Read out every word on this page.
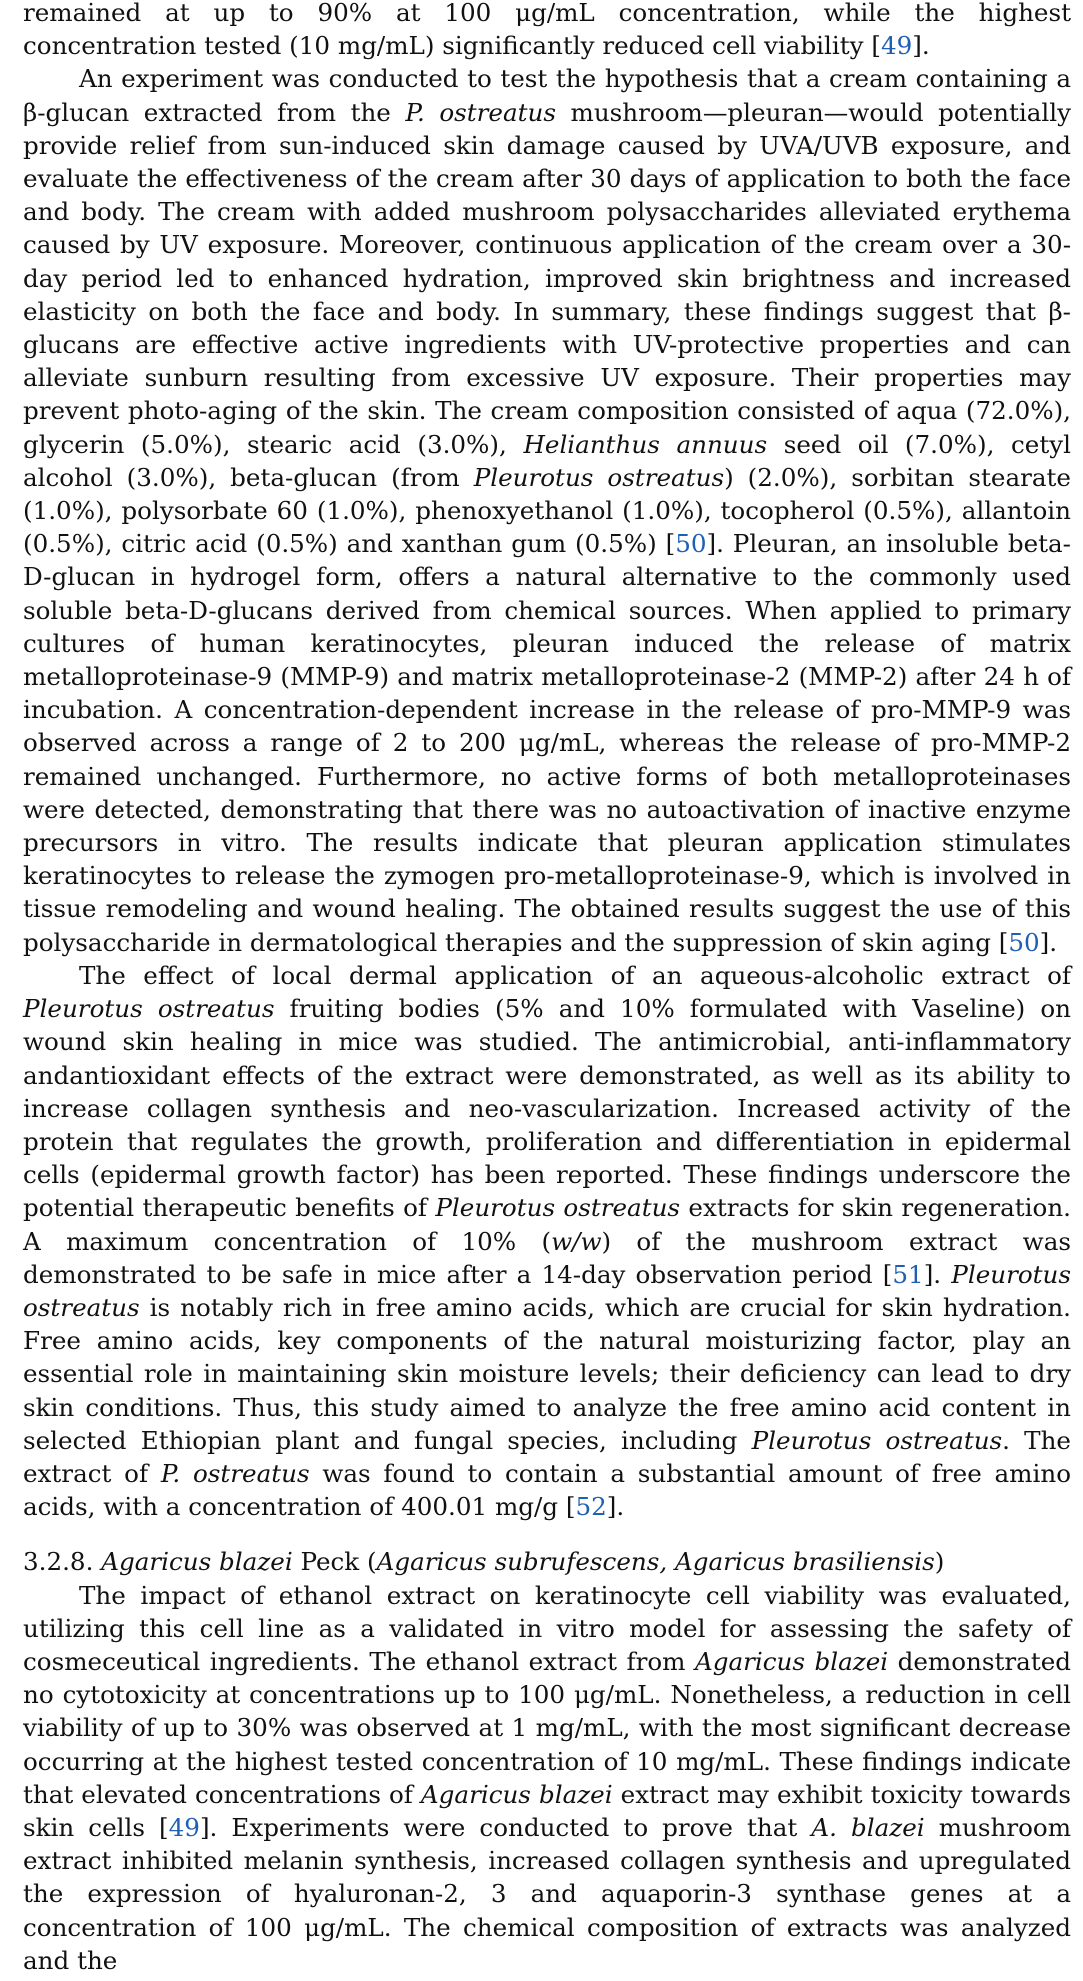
remained at up to 90% at 100 μg/mL concentration, while the highest concentration tested (10 mg/mL) significantly reduced cell viability [49].

An experiment was conducted to test the hypothesis that a cream containing a β-glucan extracted from the P. ostreatus mushroom—pleuran—would potentially provide relief from sun-induced skin damage caused by UVA/UVB exposure, and evaluate the effectiveness of the cream after 30 days of application to both the face and body. The cream with added mushroom polysaccharides alleviated erythema caused by UV exposure. Moreover, continuous application of the cream over a 30-day period led to enhanced hydration, improved skin brightness and increased elasticity on both the face and body. In summary, these findings suggest that β-glucans are effective active ingredients with UV-protective properties and can alleviate sunburn resulting from excessive UV exposure. Their properties may prevent photo-aging of the skin. The cream composition consisted of aqua (72.0%), glycerin (5.0%), stearic acid (3.0%), Helianthus annuus seed oil (7.0%), cetyl alcohol (3.0%), beta-glucan (from Pleurotus ostreatus) (2.0%), sorbitan stearate (1.0%), polysorbate 60 (1.0%), phenoxyethanol (1.0%), tocopherol (0.5%), allantoin (0.5%), citric acid (0.5%) and xanthan gum (0.5%) [50]. Pleuran, an insoluble beta-D-glucan in hydrogel form, offers a natural alternative to the commonly used soluble beta-D-glucans derived from chemical sources. When applied to primary cultures of human keratinocytes, pleuran induced the release of matrix metalloproteinase-9 (MMP-9) and matrix metalloproteinase-2 (MMP-2) after 24 h of incubation. A concentration-dependent increase in the release of pro-MMP-9 was observed across a range of 2 to 200 μg/mL, whereas the release of pro-MMP-2 remained unchanged. Furthermore, no active forms of both metalloproteinases were detected, demonstrating that there was no autoactivation of inactive enzyme precursors in vitro. The results indicate that pleuran application stimulates keratinocytes to release the zymogen pro-metalloproteinase-9, which is involved in tissue remodeling and wound healing. The obtained results suggest the use of this polysaccharide in dermatological therapies and the suppression of skin aging [50].

The effect of local dermal application of an aqueous-alcoholic extract of Pleurotus ostreatus fruiting bodies (5% and 10% formulated with Vaseline) on wound skin healing in mice was studied. The antimicrobial, anti-inflammatory andantioxidant effects of the extract were demonstrated, as well as its ability to increase collagen synthesis and neo-vascularization. Increased activity of the protein that regulates the growth, proliferation and differentiation in epidermal cells (epidermal growth factor) has been reported. These findings underscore the potential therapeutic benefits of Pleurotus ostreatus extracts for skin regeneration. A maximum concentration of 10% (w/w) of the mushroom extract was demonstrated to be safe in mice after a 14-day observation period [51]. Pleurotus ostreatus is notably rich in free amino acids, which are crucial for skin hydration. Free amino acids, key components of the natural moisturizing factor, play an essential role in maintaining skin moisture levels; their deficiency can lead to dry skin conditions. Thus, this study aimed to analyze the free amino acid content in selected Ethiopian plant and fungal species, including Pleurotus ostreatus. The extract of P. ostreatus was found to contain a substantial amount of free amino acids, with a concentration of 400.01 mg/g [52].

3.2.8. Agaricus blazei Peck (Agaricus subrufescens, Agaricus brasiliensis)

The impact of ethanol extract on keratinocyte cell viability was evaluated, utilizing this cell line as a validated in vitro model for assessing the safety of cosmeceutical ingredients. The ethanol extract from Agaricus blazei demonstrated no cytotoxicity at concentrations up to 100 μg/mL. Nonetheless, a reduction in cell viability of up to 30% was observed at 1 mg/mL, with the most significant decrease occurring at the highest tested concentration of 10 mg/mL. These findings indicate that elevated concentrations of Agaricus blazei extract may exhibit toxicity towards skin cells [49]. Experiments were conducted to prove that A. blazei mushroom extract inhibited melanin synthesis, increased collagen synthesis and upregulated the expression of hyaluronan-2, 3 and aquaporin-3 synthase genes at a concentration of 100 μg/mL. The chemical composition of extracts was analyzed and the
